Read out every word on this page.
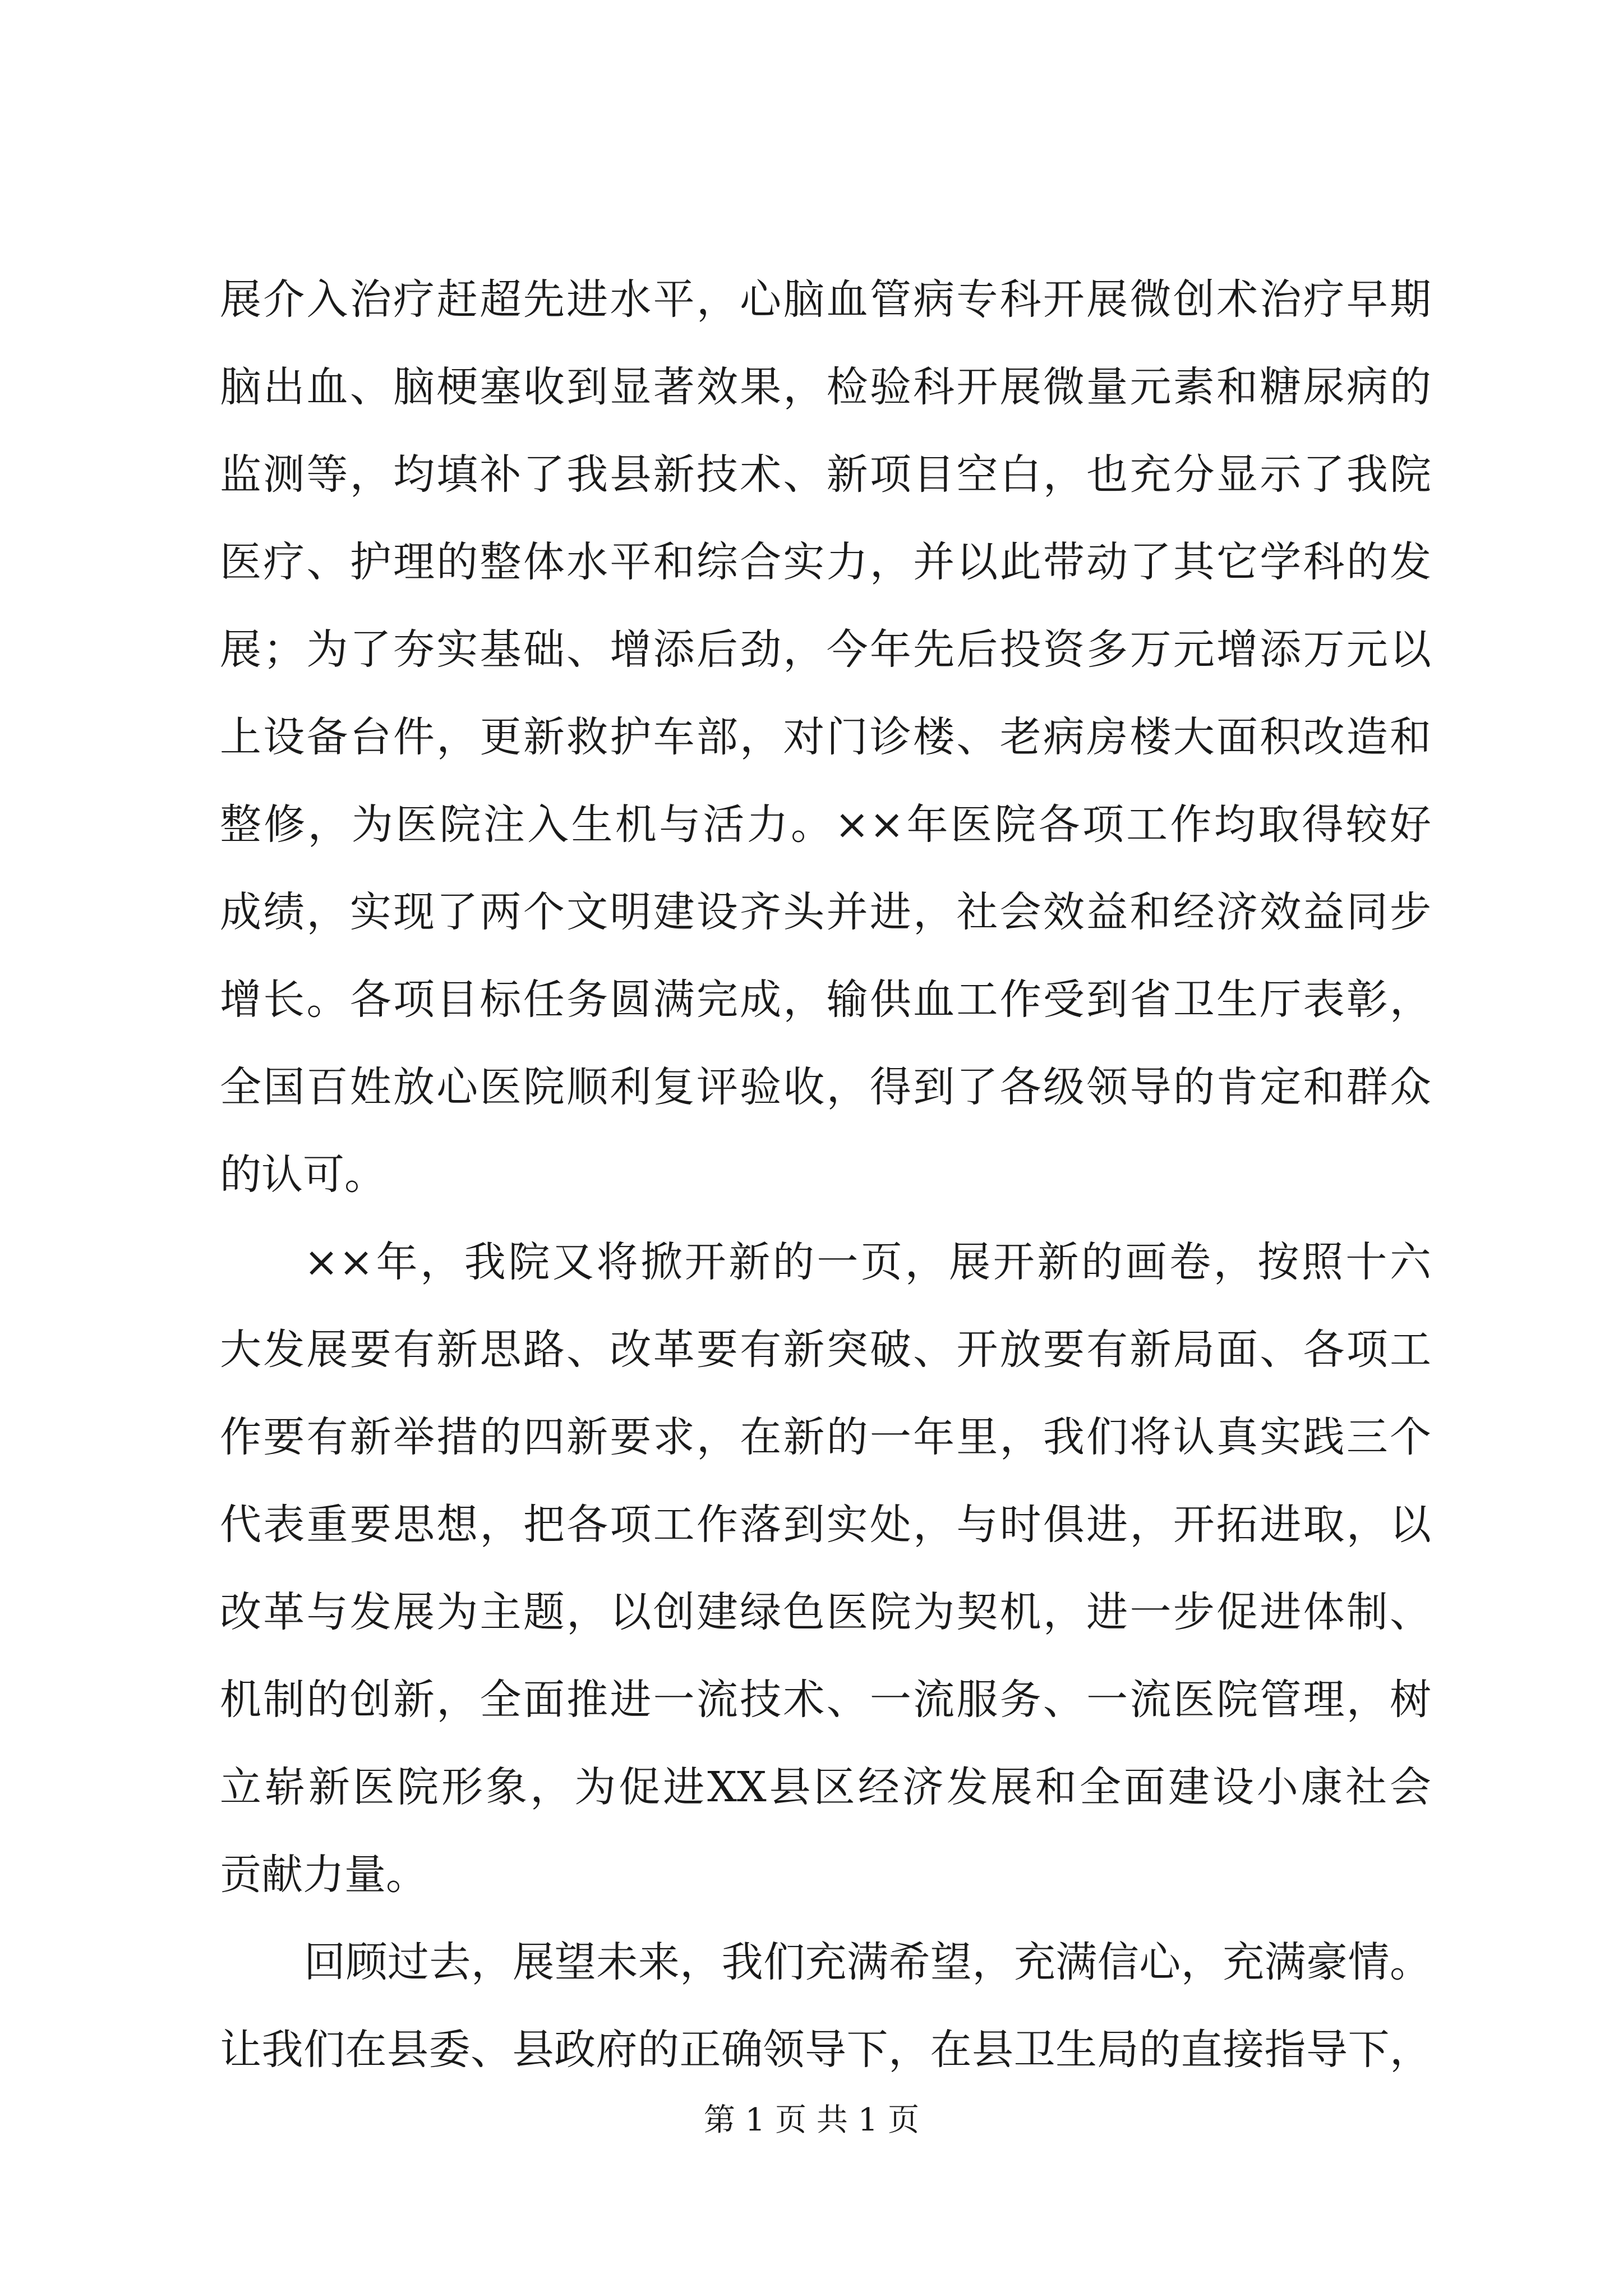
展介入治疗赶超先进水平，心脑血管病专科开展微创术治疗早期
脑出血、脑梗塞收到显著效果，检验科开展微量元素和糖尿病的
监测等，均填补了我县新技术、新项目空白，也充分显示了我院
医疗、护理的整体水平和综合实力，并以此带动了其它学科的发
展；为了夯实基础、增添后劲，今年先后投资多万元增添万元以
上设备台件，更新救护车部，对门诊楼、老病房楼大面积改造和
整修，为医院注入生机与活力。××年医院各项工作均取得较好
成绩，实现了两个文明建设齐头并进，社会效益和经济效益同步
增长。各项目标任务圆满完成，输供血工作受到省卫生厅表彰，
全国百姓放心医院顺利复评验收，得到了各级领导的肯定和群众
的认可。
××年，我院又将掀开新的一页，展开新的画卷，按照十六
大发展要有新思路、改革要有新突破、开放要有新局面、各项工
作要有新举措的四新要求，在新的一年里，我们将认真实践三个
代表重要思想，把各项工作落到实处，与时俱进，开拓进取，以
改革与发展为主题，以创建绿色医院为契机，进一步促进体制、
机制的创新，全面推进一流技术、一流服务、一流医院管理，树
立崭新医院形象，为促进XX县区经济发展和全面建设小康社会
贡献力量。
回顾过去，展望未来，我们充满希望，充满信心，充满豪情。
让我们在县委、县政府的正确领导下，在县卫生局的直接指导下，
第 1 页 共 1 页
